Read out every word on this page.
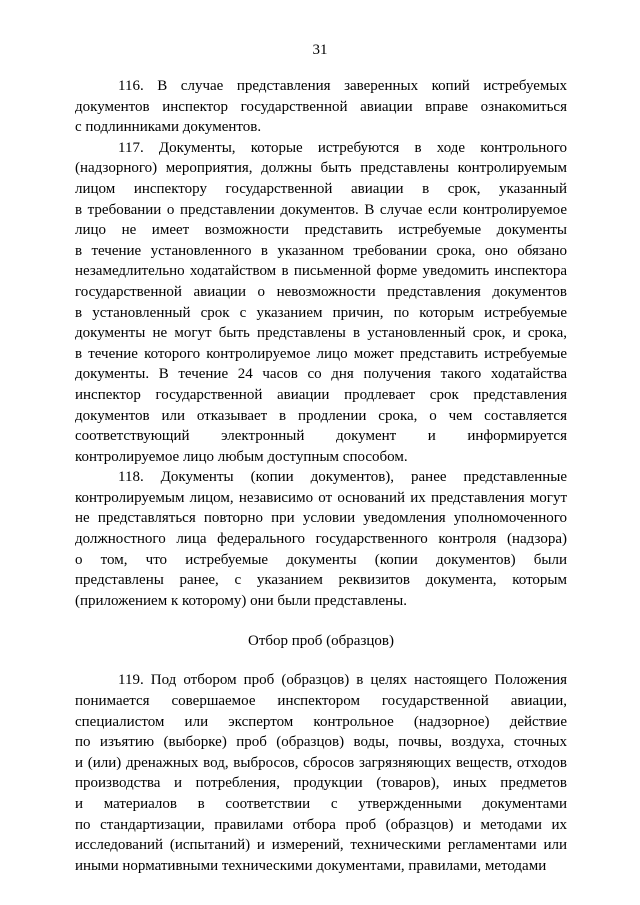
31
116. В случае представления заверенных копий истребуемых
документов инспектор государственной авиации вправе ознакомиться
с подлинниками документов.
117. Документы, которые истребуются в ходе контрольного
(надзорного) мероприятия, должны быть представлены контролируемым
лицом инспектору государственной авиации в срок, указанный
в требовании о представлении документов. В случае если контролируемое
лицо не имеет возможности представить истребуемые документы
в течение установленного в указанном требовании срока, оно обязано
незамедлительно ходатайством в письменной форме уведомить инспектора
государственной авиации о невозможности представления документов
в установленный срок с указанием причин, по которым истребуемые
документы не могут быть представлены в установленный срок, и срока,
в течение которого контролируемое лицо может представить истребуемые
документы. В течение 24 часов со дня получения такого ходатайства
инспектор государственной авиации продлевает срок представления
документов или отказывает в продлении срока, о чем составляется
соответствующий электронный документ и информируется
контролируемое лицо любым доступным способом.
118. Документы (копии документов), ранее представленные
контролируемым лицом, независимо от оснований их представления могут
не представляться повторно при условии уведомления уполномоченного
должностного лица федерального государственного контроля (надзора)
о том, что истребуемые документы (копии документов) были
представлены ранее, с указанием реквизитов документа, которым
(приложением к которому) они были представлены.
Отбор проб (образцов)
119. Под отбором проб (образцов) в целях настоящего Положения
понимается совершаемое инспектором государственной авиации,
специалистом или экспертом контрольное (надзорное) действие
по изъятию (выборке) проб (образцов) воды, почвы, воздуха, сточных
и (или) дренажных вод, выбросов, сбросов загрязняющих веществ, отходов
производства и потребления, продукции (товаров), иных предметов
и материалов в соответствии с утвержденными документами
по стандартизации, правилами отбора проб (образцов) и методами их
исследований (испытаний) и измерений, техническими регламентами или
иными нормативными техническими документами, правилами, методами
